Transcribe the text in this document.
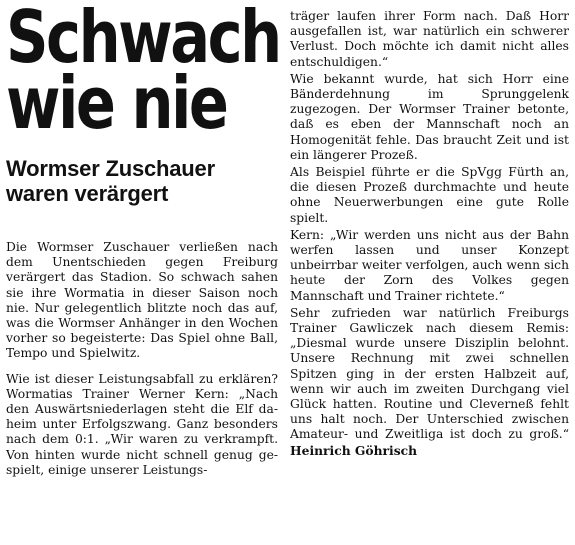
Schwach
wie nie
Wormser Zuschauer
waren verärgert

Die Wormser Zuschauer verließen nach dem Unentschieden gegen Freiburg verärgert das Stadion. So schwach sahen sie ihre Wormatia in dieser Saison noch nie. Nur gelegentlich blitzte noch das auf, was die Wormser Anhänger in den Wochen vorher so begeisterte: Das Spiel ohne Ball, Tempo und Spielwitz.

Wie ist dieser Leistungsabfall zu erklären? Wormatias Trainer Werner Kern: „Nach den Auswärtsniederlagen steht die Elf daheim unter Erfolgszwang. Ganz besonders nach dem 0:1. „Wir waren zu verkrampft. Von hinten wurde nicht schnell genug gespielt, einige unserer Leistungs-

träger laufen ihrer Form nach. Daß Horr ausgefallen ist, war natürlich ein schwerer Verlust. Doch möchte ich damit nicht alles entschuldigen.“

Wie bekannt wurde, hat sich Horr eine Bänderdehnung im Sprunggelenk zugezogen. Der Wormser Trainer betonte, daß es eben der Mannschaft noch an Homogenität fehle. Das braucht Zeit und ist ein längerer Prozeß.

Als Beispiel führte er die SpVgg Fürth an, die diesen Prozeß durchmachte und heute ohne Neuerwerbungen eine gute Rolle spielt.

Kern: „Wir werden uns nicht aus der Bahn werfen lassen und unser Konzept unbeirrbar weiter verfolgen, auch wenn sich heute der Zorn des Volkes gegen Mannschaft und Trainer richtete.“

Sehr zufrieden war natürlich Freiburgs Trainer Gawliczek nach diesem Remis: „Diesmal wurde unsere Disziplin belohnt. Unsere Rechnung mit zwei schnellen Spitzen ging in der ersten Halbzeit auf, wenn wir auch im zweiten Durchgang viel Glück hatten. Routine und Cleverneß fehlt uns halt noch. Der Unterschied zwischen Amateur- und Zweitliga ist doch zu groß.“ Heinrich Göhrisch
